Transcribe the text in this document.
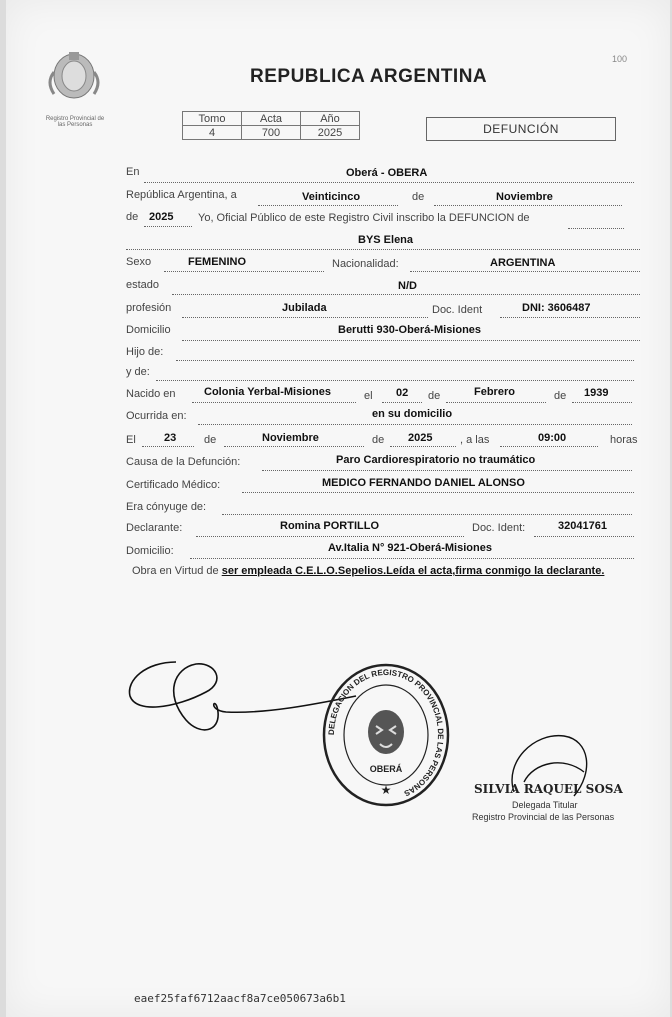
Registro Provincial de
las Personas
100
REPUBLICA ARGENTINA
Tomo	Acta	Año
4	700	2025	DEFUNCIÓN
En	Oberá - OBERA
República Argentina, a	Veinticinco	de	Noviembre
de 2025 Yo, Oficial Público de este Registro Civil inscribo la DEFUNCION de
BYS Elena
Sexo	FEMENINO	Nacionalidad:	ARGENTINA
estado	N/D
profesión	Jubilada	Doc. Ident	DNI: 3606487
Domicilio	Berutti 930-Oberá-Misiones
Hijo de:
y de:
Nacido en	Colonia Yerbal-Misiones	el 02 de	Febrero	de 1939
Ocurrida en:	en su domicilio
El	23	de	Noviembre	de 2025	, a las	09:00	horas
Causa de la Defunción:	Paro Cardiorespiratorio no traumático
Certificado Médico:	MEDICO FERNANDO DANIEL ALONSO
Era cónyuge de:
Declarante:	Romina PORTILLO	Doc. Ident:	32041761
Domicilio:	Av.Italia N° 921-Oberá-Misiones
Obra en Virtud de ser empleada C.E.L.O.Sepelios.Leída el acta,firma conmigo la declarante.
DELEGACION DEL REGISTRO PROVINCIAL DE LAS PERSONAS
OBERÁ
★	SILVIA RAQUEL SOSA
Delegada Titular
Registro Provincial de las Personas
eaef25faf6712aacf8a7ce050673a6b1
